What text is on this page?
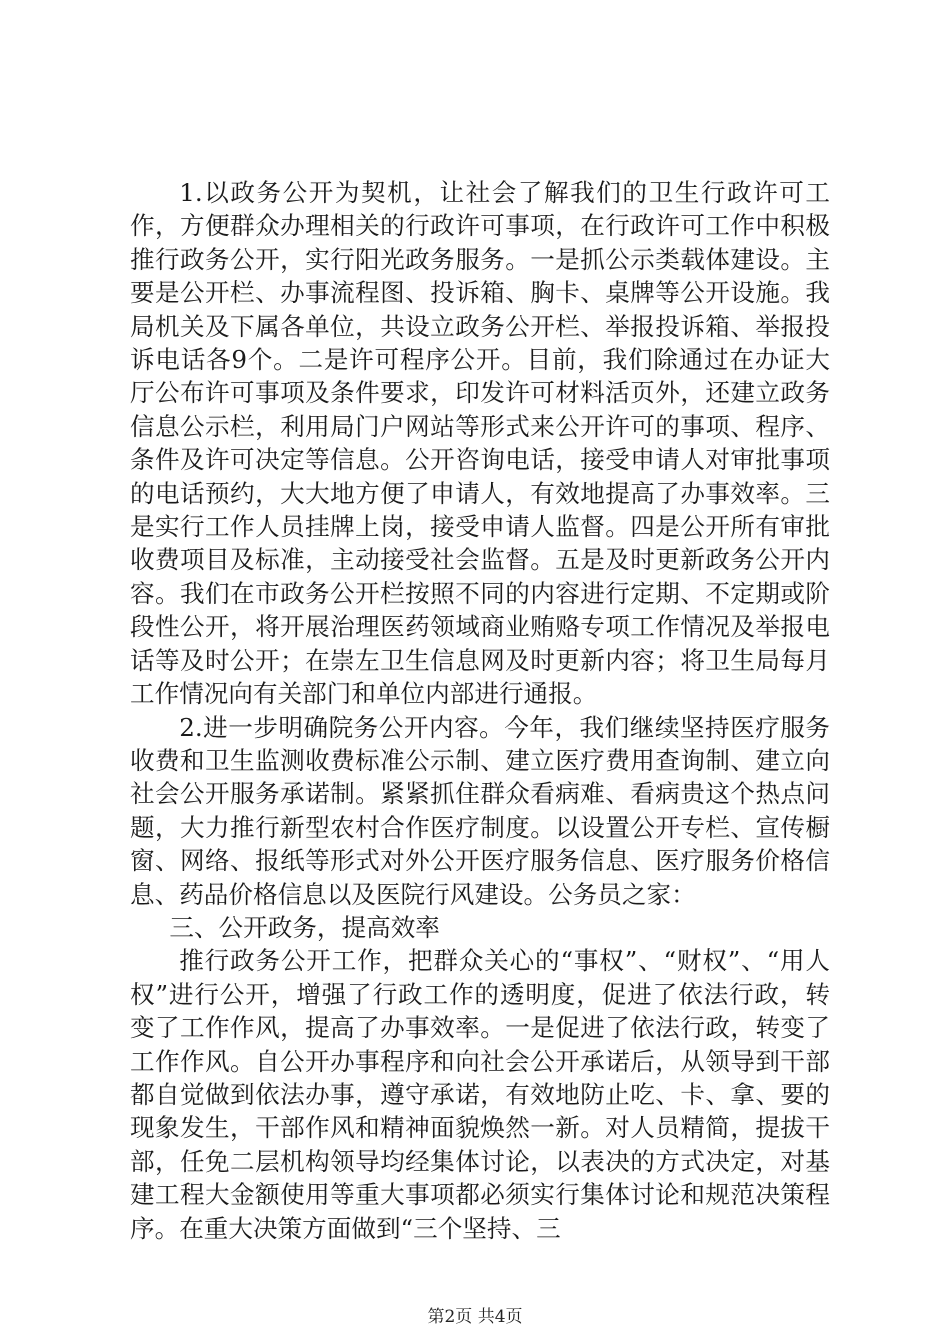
1.以政务公开为契机，让社会了解我们的卫生行政许可工作，方便群众办理相关的行政许可事项，在行政许可工作中积极推行政务公开，实行阳光政务服务。一是抓公示类载体建设。主要是公开栏、办事流程图、投诉箱、胸卡、桌牌等公开设施。我局机关及下属各单位，共设立政务公开栏、举报投诉箱、举报投诉电话各9个。二是许可程序公开。目前，我们除通过在办证大厅公布许可事项及条件要求，印发许可材料活页外，还建立政务信息公示栏，利用局门户网站等形式来公开许可的事项、程序、条件及许可决定等信息。公开咨询电话，接受申请人对审批事项的电话预约，大大地方便了申请人，有效地提高了办事效率。三是实行工作人员挂牌上岗，接受申请人监督。四是公开所有审批收费项目及标准，主动接受社会监督。五是及时更新政务公开内容。我们在市政务公开栏按照不同的内容进行定期、不定期或阶段性公开，将开展治理医药领域商业贿赂专项工作情况及举报电话等及时公开；在崇左卫生信息网及时更新内容；将卫生局每月工作情况向有关部门和单位内部进行通报。

2.进一步明确院务公开内容。今年，我们继续坚持医疗服务收费和卫生监测收费标准公示制、建立医疗费用查询制、建立向社会公开服务承诺制。紧紧抓住群众看病难、看病贵这个热点问题，大力推行新型农村合作医疗制度。以设置公开专栏、宣传橱窗、网络、报纸等形式对外公开医疗服务信息、医疗服务价格信息、药品价格信息以及医院行风建设。公务员之家：

三、公开政务，提高效率

推行政务公开工作，把群众关心的“事权”、“财权”、“用人权”进行公开，增强了行政工作的透明度，促进了依法行政，转变了工作作风，提高了办事效率。一是促进了依法行政，转变了工作作风。自公开办事程序和向社会公开承诺后，从领导到干部都自觉做到依法办事，遵守承诺，有效地防止吃、卡、拿、要的现象发生，干部作风和精神面貌焕然一新。对人员精简，提拔干部，任免二层机构领导均经集体讨论，以表决的方式决定，对基建工程大金额使用等重大事项都必须实行集体讨论和规范决策程序。在重大决策方面做到“三个坚持、三

第2页 共4页
